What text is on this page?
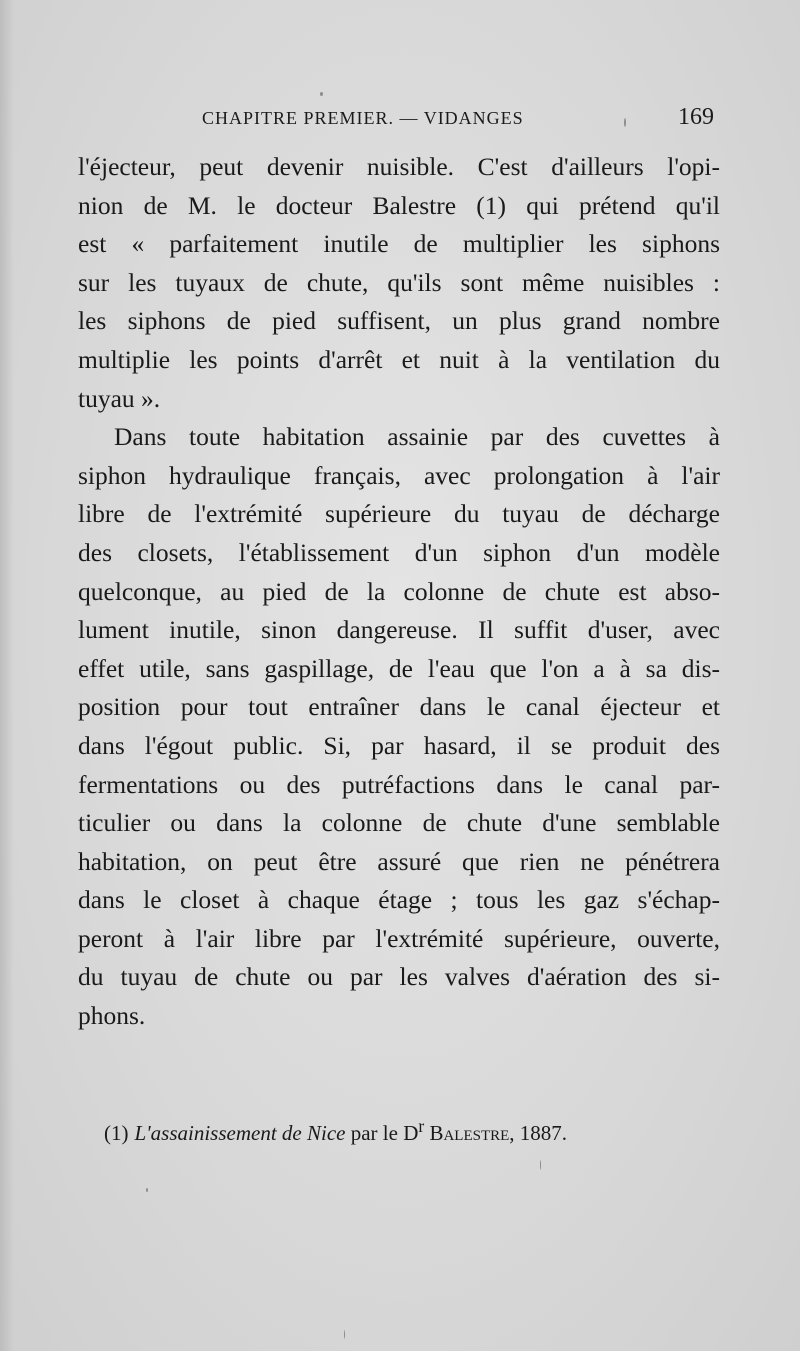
CHAPITRE PREMIER. — VIDANGES	169
l'éjecteur, peut devenir nuisible. C'est d'ailleurs l'opi-
nion de M. le docteur Balestre (1) qui prétend qu'il
est « parfaitement inutile de multiplier les siphons
sur les tuyaux de chute, qu'ils sont même nuisibles :
les siphons de pied suffisent, un plus grand nombre
multiplie les points d'arrêt et nuit à la ventilation du
tuyau ».
Dans toute habitation assainie par des cuvettes à
siphon hydraulique français, avec prolongation à l'air
libre de l'extrémité supérieure du tuyau de décharge
des closets, l'établissement d'un siphon d'un modèle
quelconque, au pied de la colonne de chute est abso-
lument inutile, sinon dangereuse. Il suffit d'user, avec
effet utile, sans gaspillage, de l'eau que l'on a à sa dis-
position pour tout entraîner dans le canal éjecteur et
dans l'égout public. Si, par hasard, il se produit des
fermentations ou des putréfactions dans le canal par-
ticulier ou dans la colonne de chute d'une semblable
habitation, on peut être assuré que rien ne pénétrera
dans le closet à chaque étage ; tous les gaz s'échap-
peront à l'air libre par l'extrémité supérieure, ouverte,
du tuyau de chute ou par les valves d'aération des si-
phons.
(1) L'assainissement de Nice par le $D^r$ Balestre, 1887.
